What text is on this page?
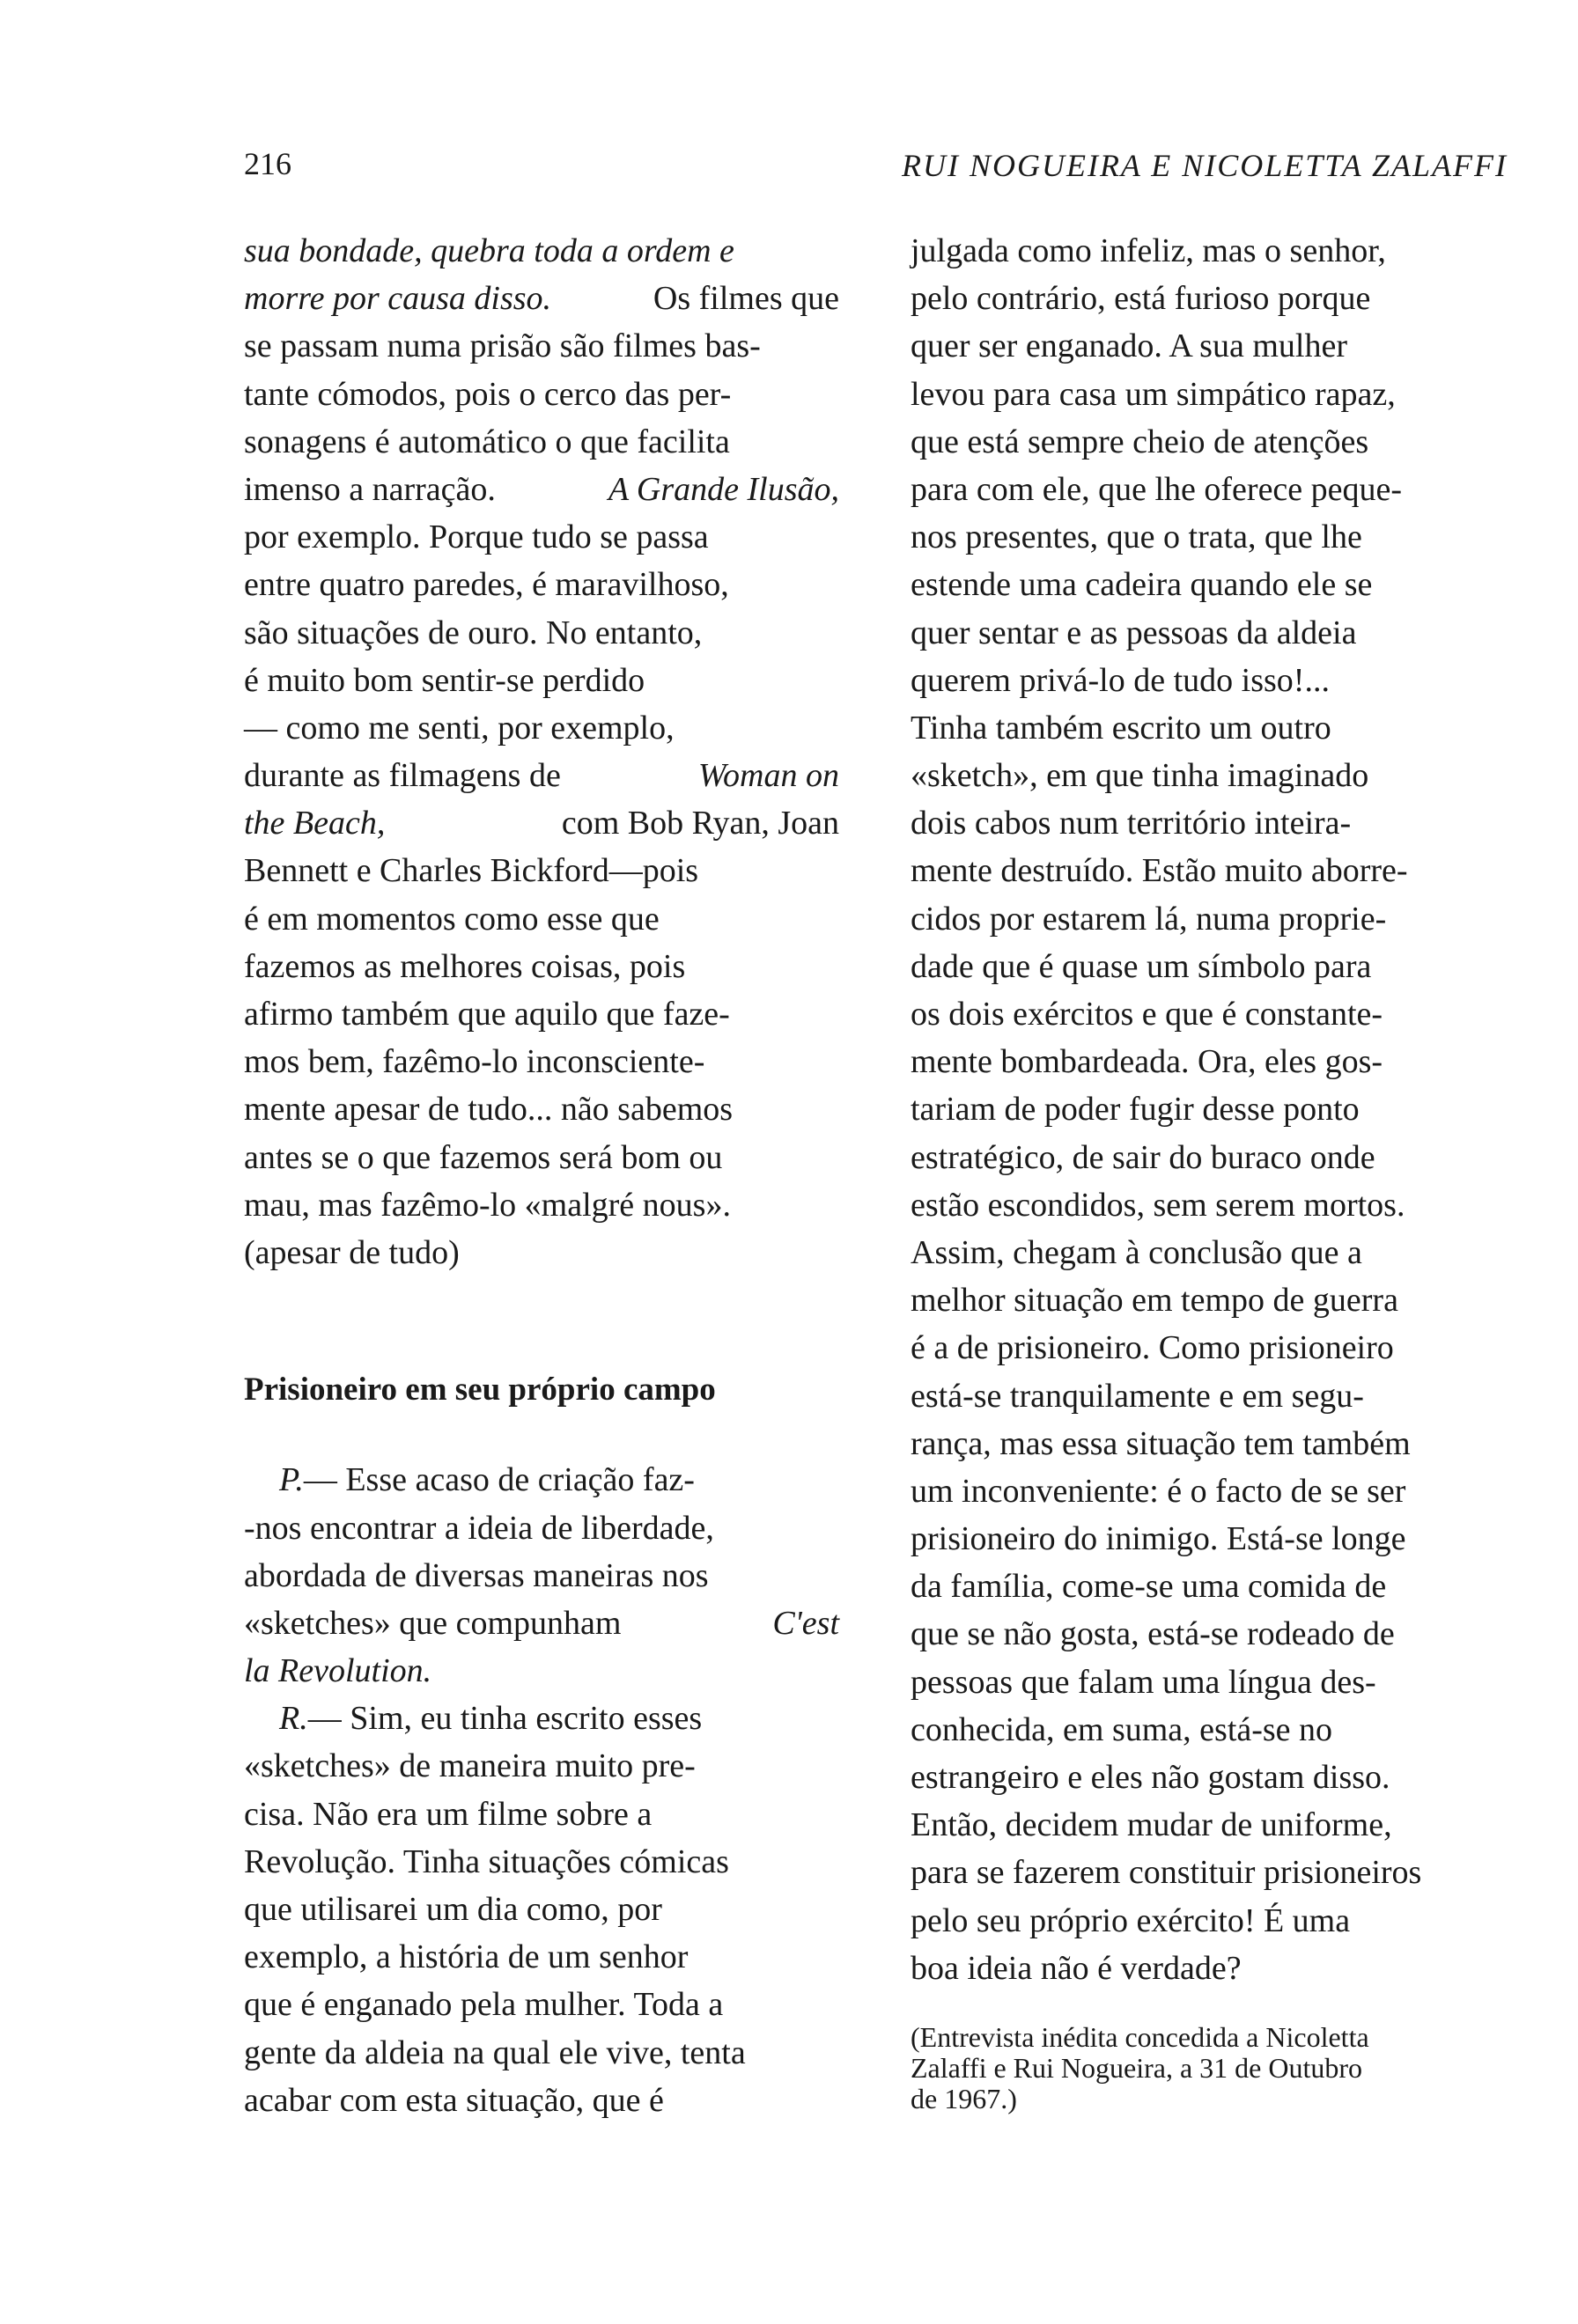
216	RUI NOGUEIRA E NICOLETTA ZALAFFI
sua bondade, quebra toda a ordem e
morre por causa disso.	Os filmes que
se passam numa prisão são filmes bas-
tante cómodos, pois o cerco das per-
sonagens é automático o que facilita
imenso a narração.	A Grande Ilusão,
por exemplo. Porque tudo se passa
entre quatro paredes, é maravilhoso,
são situações de ouro. No entanto,
é muito bom sentir-se perdido
— como me senti, por exemplo,
durante as filmagens de	Woman on
the Beach,	com Bob Ryan, Joan
Bennett e Charles Bickford—pois
é em momentos como esse que
fazemos as melhores coisas, pois
afirmo também que aquilo que faze-
mos bem, fazêmo-lo inconsciente-
mente apesar de tudo... não sabemos
antes se o que fazemos será bom ou
mau, mas fazêmo-lo «malgré nous».
(apesar de tudo)
Prisioneiro em seu próprio campo
P.— Esse acaso de criação faz-
-nos encontrar a ideia de liberdade,
abordada de diversas maneiras nos
«sketches» que compunham	C'est
la Revolution.
R.— Sim, eu tinha escrito esses
«sketches» de maneira muito pre-
cisa. Não era um filme sobre a
Revolução. Tinha situações cómicas
que utilisarei um dia como, por
exemplo, a história de um senhor
que é enganado pela mulher. Toda a
gente da aldeia na qual ele vive, tenta
acabar com esta situação, que é
julgada como infeliz, mas o senhor,
pelo contrário, está furioso porque
quer ser enganado. A sua mulher
levou para casa um simpático rapaz,
que está sempre cheio de atenções
para com ele, que lhe oferece peque-
nos presentes, que o trata, que lhe
estende uma cadeira quando ele se
quer sentar e as pessoas da aldeia
querem privá-lo de tudo isso!...
Tinha também escrito um outro
«sketch», em que tinha imaginado
dois cabos num território inteira-
mente destruído. Estão muito aborre-
cidos por estarem lá, numa proprie-
dade que é quase um símbolo para
os dois exércitos e que é constante-
mente bombardeada. Ora, eles gos-
tariam de poder fugir desse ponto
estratégico, de sair do buraco onde
estão escondidos, sem serem mortos.
Assim, chegam à conclusão que a
melhor situação em tempo de guerra
é a de prisioneiro. Como prisioneiro
está-se tranquilamente e em segu-
rança, mas essa situação tem também
um inconveniente: é o facto de se ser
prisioneiro do inimigo. Está-se longe
da família, come-se uma comida de
que se não gosta, está-se rodeado de
pessoas que falam uma língua des-
conhecida, em suma, está-se no
estrangeiro e eles não gostam disso.
Então, decidem mudar de uniforme,
para se fazerem constituir prisioneiros
pelo seu próprio exército! É uma
boa ideia não é verdade?
(Entrevista inédita concedida a Nicoletta
Zalaffi e Rui Nogueira, a 31 de Outubro
de 1967.)
